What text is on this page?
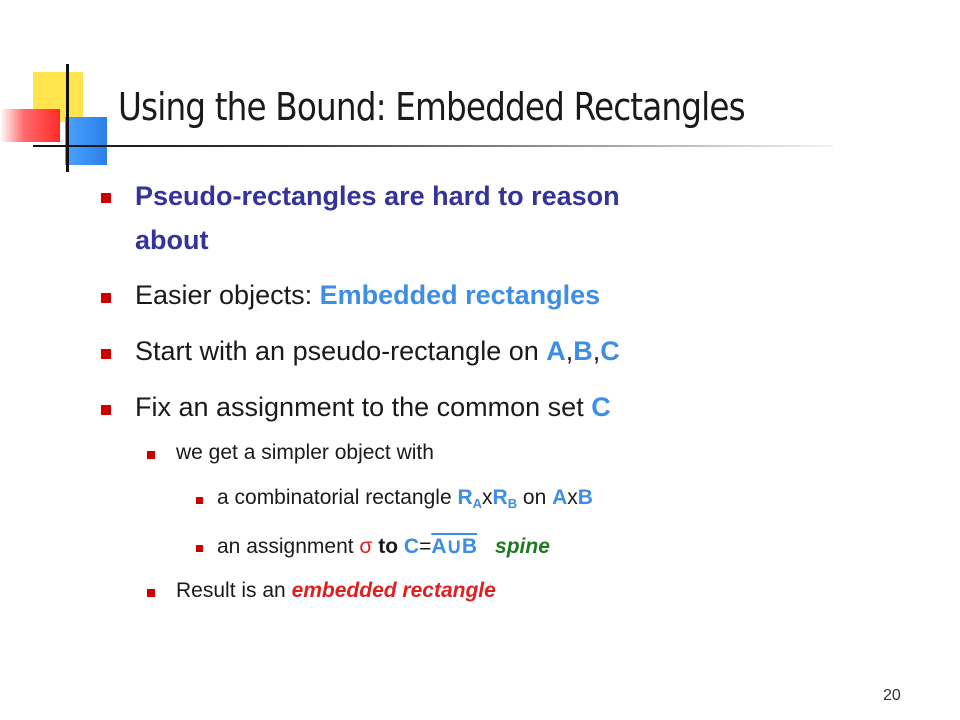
Using the Bound: Embedded Rectangles
Pseudo-rectangles are hard to reason
about
Easier objects: Embedded rectangles
Start with an pseudo-rectangle on A,B,C
Fix an assignment to the common set C
we get a simpler object with
a combinatorial rectangle $R_AxR_B$ on AxB
an assignment σ to C=A∪B spine
Result is an embedded rectangle
20
